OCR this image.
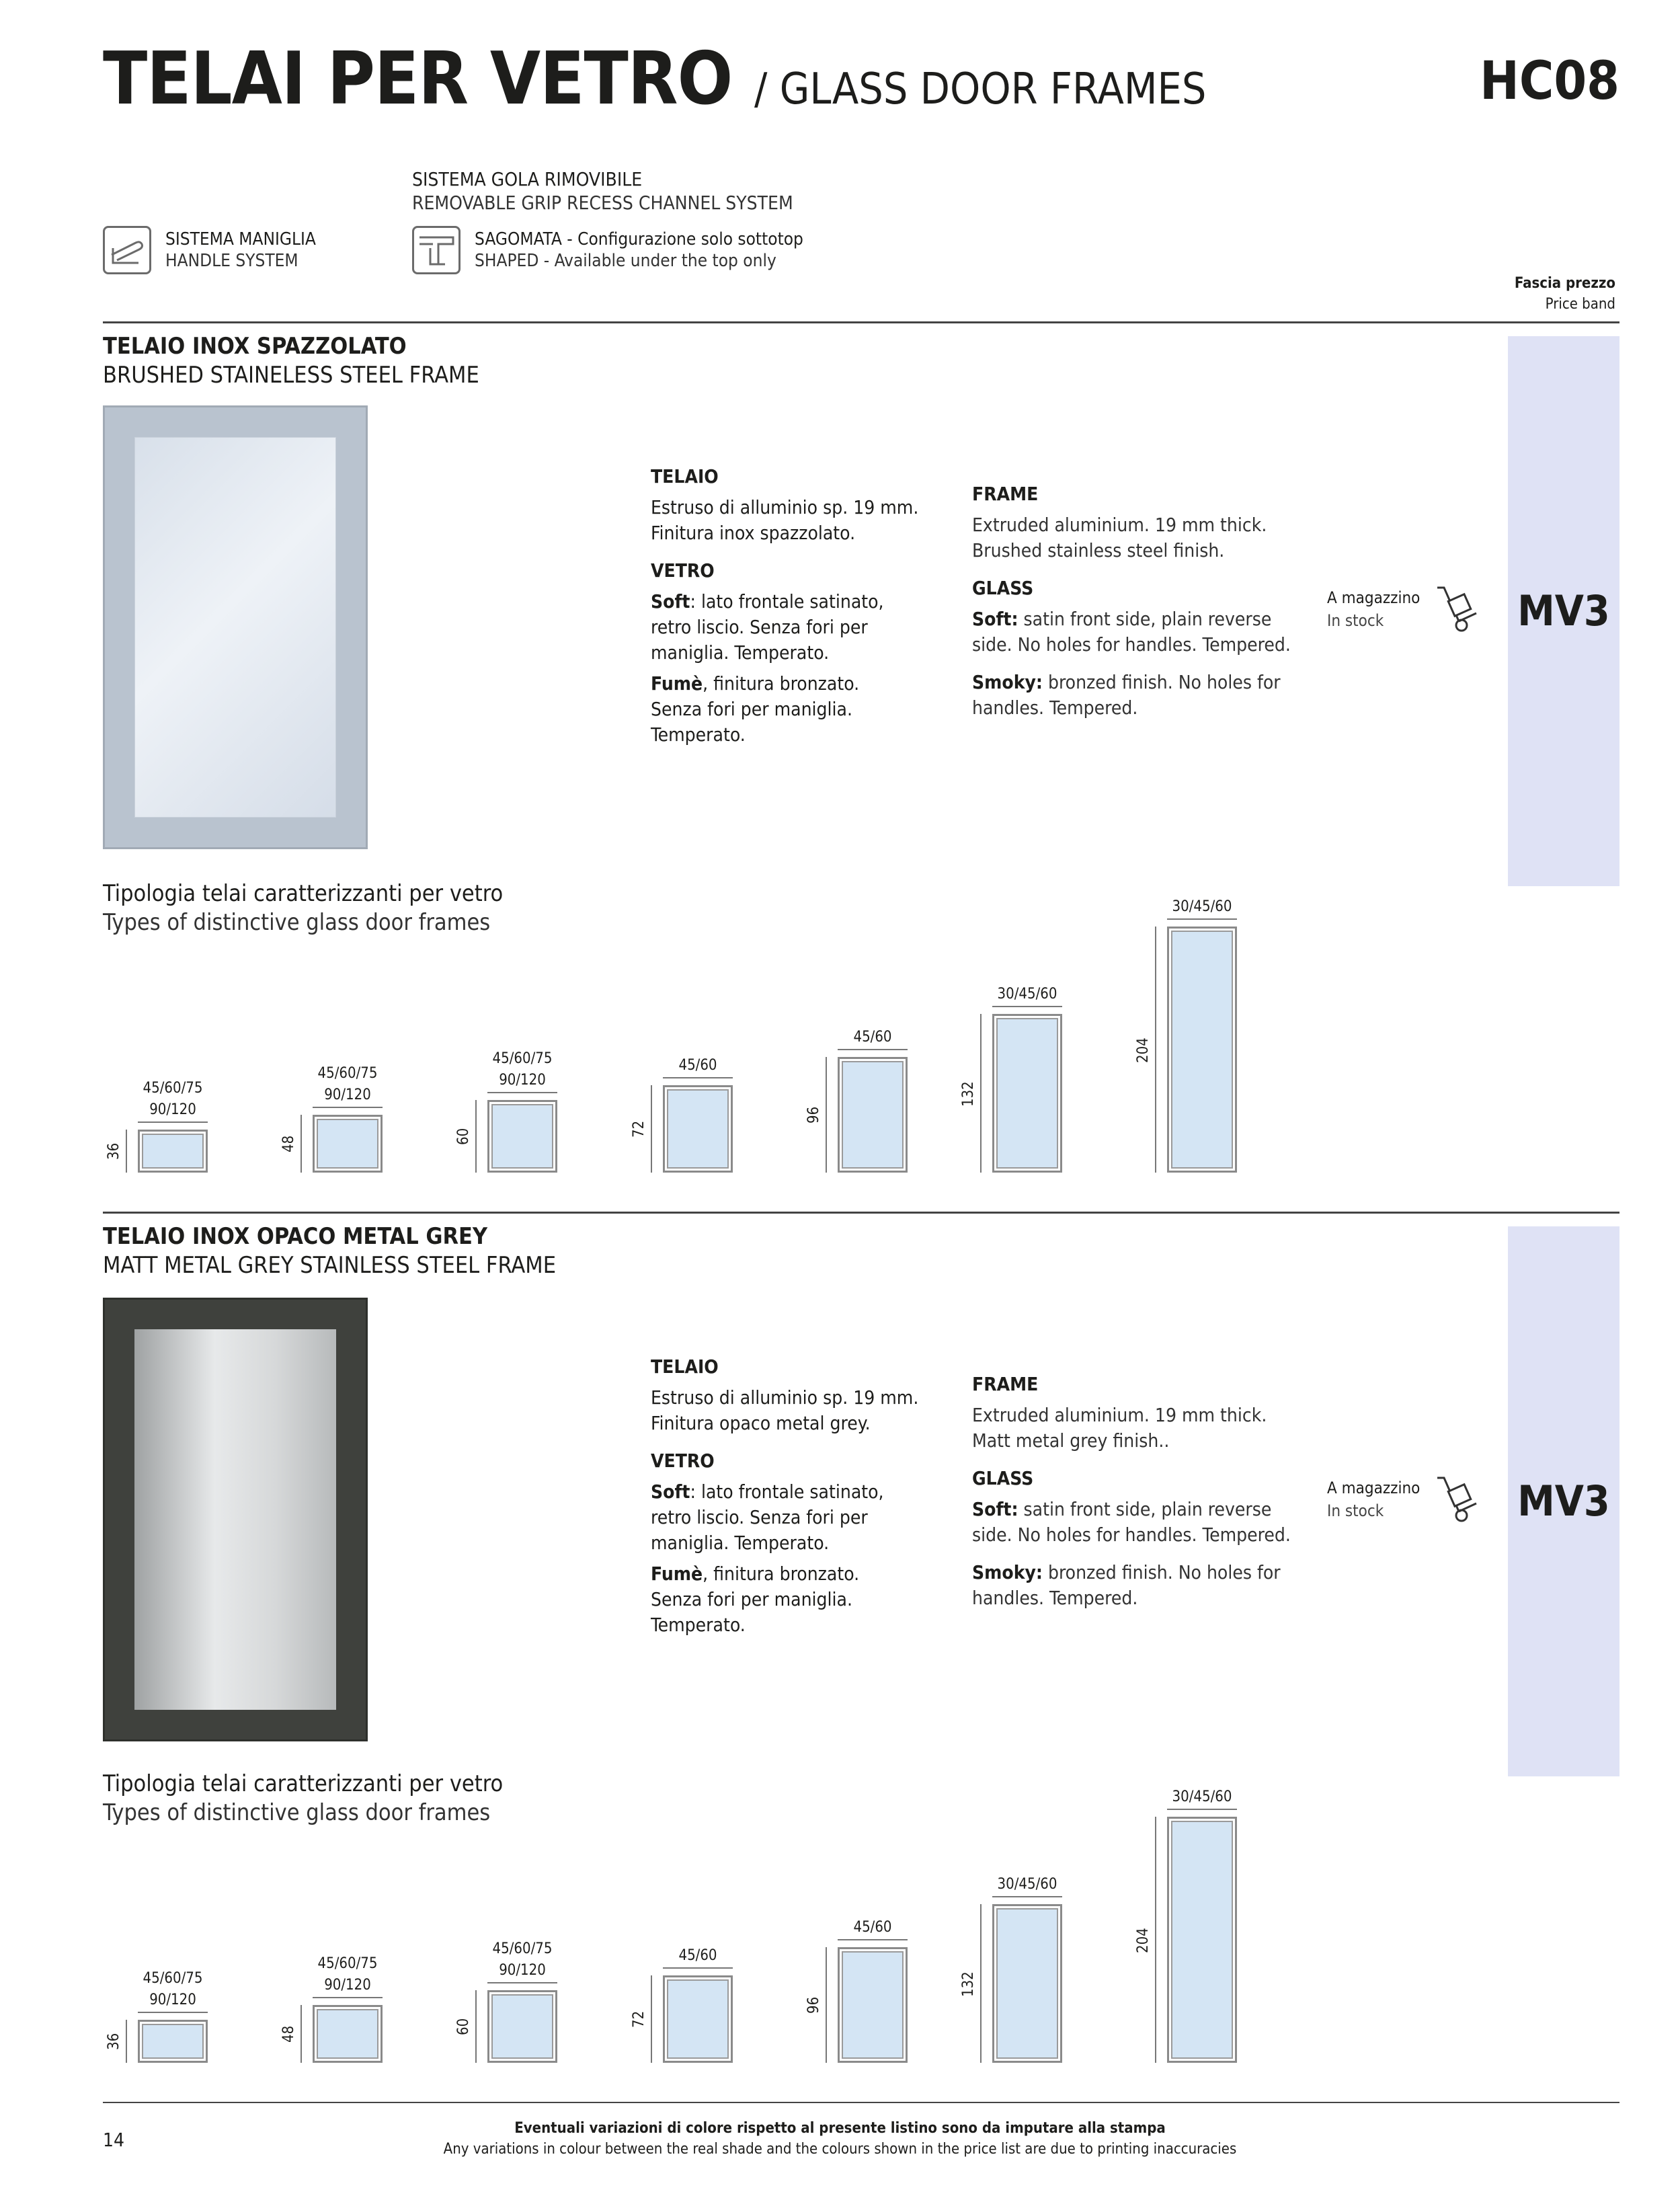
TELAI PER VETRO / GLASS DOOR FRAMES	HC08
SISTEMA GOLA RIMOVIBILE
REMOVABLE GRIP RECESS CHANNEL SYSTEM
SISTEMA MANIGLIA
HANDLE SYSTEM
SAGOMATA - Configurazione solo sottotop
SHAPED - Available under the top only
Fascia prezzo
Price band
TELAIO INOX SPAZZOLATO
BRUSHED STAINELESS STEEL FRAME
MV3
TELAIO
Estruso di alluminio sp. 19 mm.
Finitura inox spazzolato.
VETRO
Soft: lato frontale satinato,
retro liscio. Senza fori per
maniglia. Temperato.
Fumè, finitura bronzato.
Senza fori per maniglia.
Temperato.
FRAME
Extruded aluminium. 19 mm thick.
Brushed stainless steel finish.
GLASS
Soft: satin front side, plain reverse
side. No holes for handles. Tempered.
Smoky: bronzed finish. No holes for
handles. Tempered.
A magazzino
In stock
Tipologia telai caratterizzanti per vetro
Types of distinctive glass door frames
45/60/75
90/120
36
45/60/75
90/120
48
45/60/75
90/120
60
45/60
72
45/60
96
30/45/60
132
30/45/60
204
TELAIO INOX OPACO METAL GREY
MATT METAL GREY STAINLESS STEEL FRAME
MV3
TELAIO
Estruso di alluminio sp. 19 mm.
Finitura opaco metal grey.
VETRO
Soft: lato frontale satinato,
retro liscio. Senza fori per
maniglia. Temperato.
Fumè, finitura bronzato.
Senza fori per maniglia.
Temperato.
FRAME
Extruded aluminium. 19 mm thick.
Matt metal grey finish..
GLASS
Soft: satin front side, plain reverse
side. No holes for handles. Tempered.
Smoky: bronzed finish. No holes for
handles. Tempered.
A magazzino
In stock
Tipologia telai caratterizzanti per vetro
Types of distinctive glass door frames
45/60/75
90/120
36
45/60/75
90/120
48
45/60/75
90/120
60
45/60
72
45/60
96
30/45/60
132
30/45/60
204
14
Eventuali variazioni di colore rispetto al presente listino sono da imputare alla stampa
Any variations in colour between the real shade and the colours shown in the price list are due to printing inaccuracies
